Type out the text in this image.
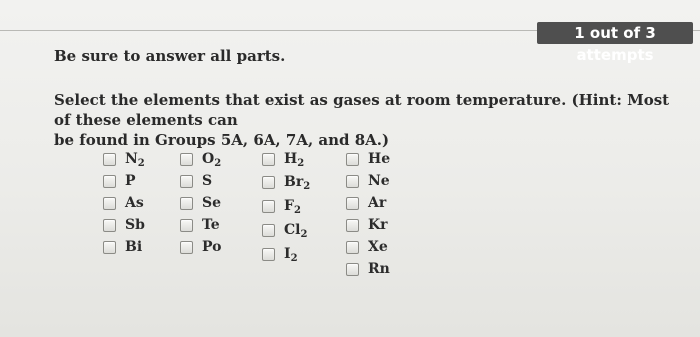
1 out of 3 attempts
Be sure to answer all parts.
Select the elements that exist as gases at room temperature. (Hint: Most of these elements can
be found in Groups 5A, 6A, 7A, and 8A.)
$N_2$
P
As
Sb
Bi
$O_2$
S
Se
Te
Po
$H_2$
$Br_2$
$F_2$
$Cl_2$
$I_2$
He
Ne
Ar
Kr
Xe
Rn
